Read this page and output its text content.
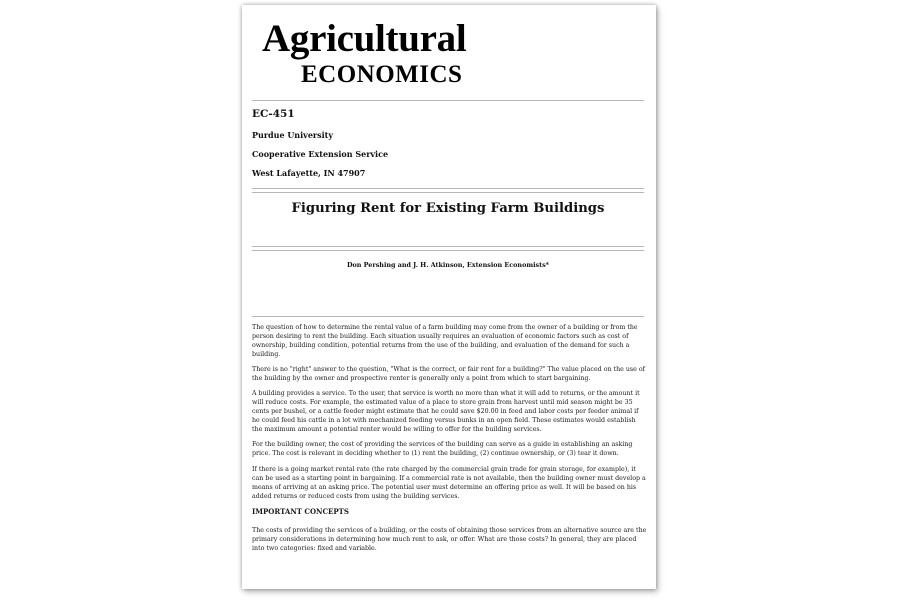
Agricultural
ECONOMICS
EC-451
Purdue University
Cooperative Extension Service
West Lafayette, IN 47907
Figuring Rent for Existing Farm Buildings
Don Pershing and J. H. Atkinson, Extension Economists*

The question of how to determine the rental value of a farm building may come from the owner of a building or from the person desiring to rent the building. Each situation usually requires an evaluation of economic factors such as cost of ownership, building condition, potential returns from the use of the building, and evaluation of the demand for such a building.

There is no "right" answer to the question, "What is the correct, or fair rent for a building?" The value placed on the use of the building by the owner and prospective renter is generally only a point from which to start bargaining.

A building provides a service. To the user, that service is worth no more than what it will add to returns, or the amount it will reduce costs. For example, the estimated value of a place to store grain from harvest until mid season might be 35 cents per bushel, or a cattle feeder might estimate that he could save $20.00 in feed and labor costs per feeder animal if he could feed his cattle in a lot with mechanized feeding versus bunks in an open field. These estimates would establish the maximum amount a potential renter would be willing to offer for the building services.

For the building owner, the cost of providing the services of the building can serve as a guide in establishing an asking price. The cost is relevant in deciding whether to (1) rent the building, (2) continue ownership, or (3) tear it down.

If there is a going market rental rate (the rate charged by the commercial grain trade for grain storage, for example), it can be used as a starting point in bargaining. If a commercial rate is not available, then the building owner must develop a means of arriving at an asking price. The potential user must determine an offering price as well. It will be based on his added returns or reduced costs from using the building services.

IMPORTANT CONCEPTS

The costs of providing the services of a building, or the costs of obtaining those services from an alternative source are the primary considerations in determining how much rent to ask, or offer. What are those costs? In general, they are placed into two categories: fixed and variable.
